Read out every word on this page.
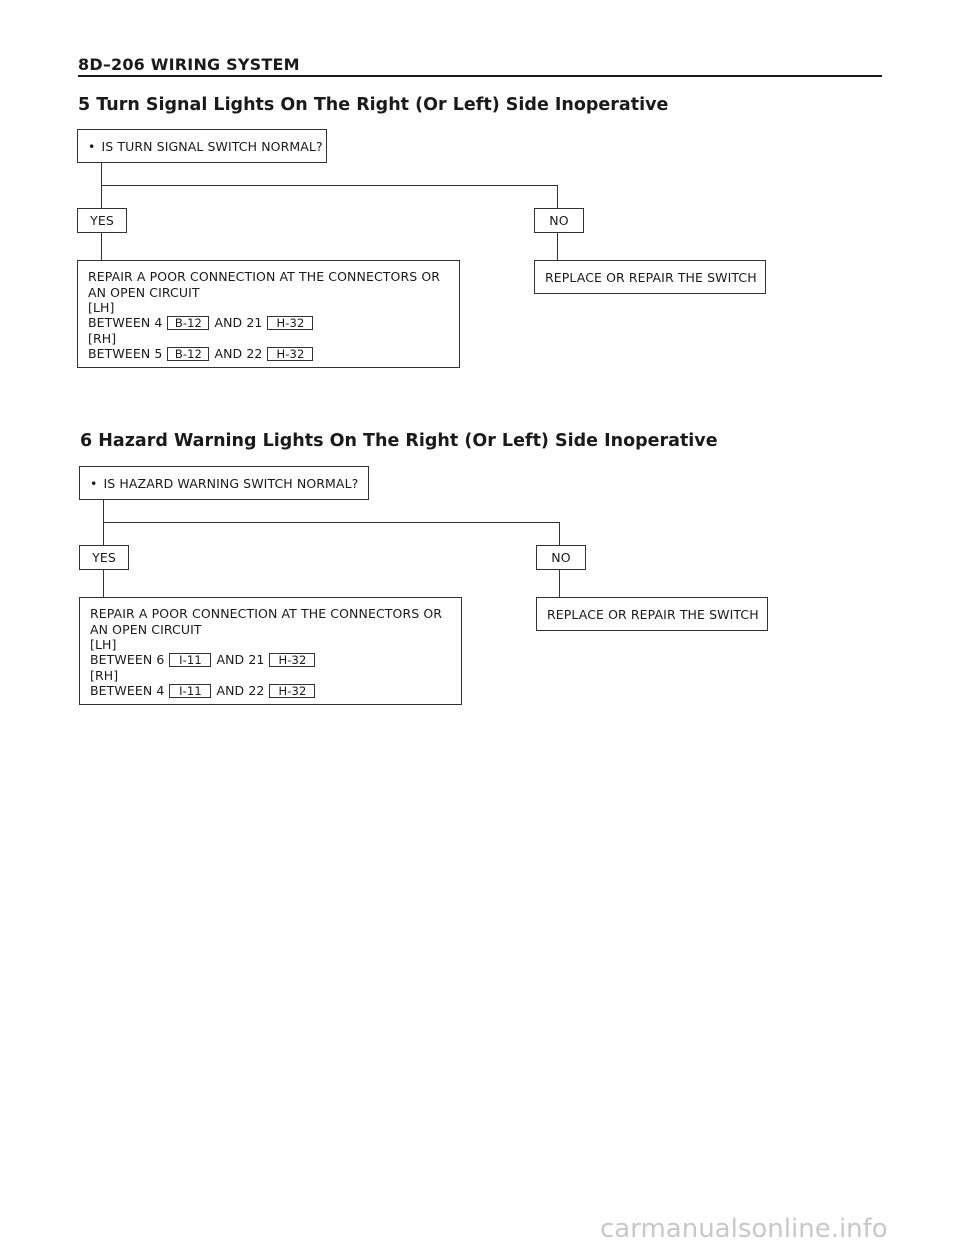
8D–206 WIRING SYSTEM
5 Turn Signal Lights On The Right (Or Left) Side Inoperative
• IS TURN SIGNAL SWITCH NORMAL?
YES	NO
REPAIR A POOR CONNECTION AT THE CONNECTORS OR
AN OPEN CIRCUIT
[LH]
BETWEEN 4	B-12 AND 21	H-32
[RH]
BETWEEN 5	B-12 AND 22	H-32
REPLACE OR REPAIR THE SWITCH
6 Hazard Warning Lights On The Right (Or Left) Side Inoperative
• IS HAZARD WARNING SWITCH NORMAL?
YES	NO
REPAIR A POOR CONNECTION AT THE CONNECTORS OR
AN OPEN CIRCUIT
[LH]
BETWEEN 6	I-11	AND 21	H-32
[RH]
BETWEEN 4	I-11	AND 22	H-32
REPLACE OR REPAIR THE SWITCH
carmanualsonline.info
